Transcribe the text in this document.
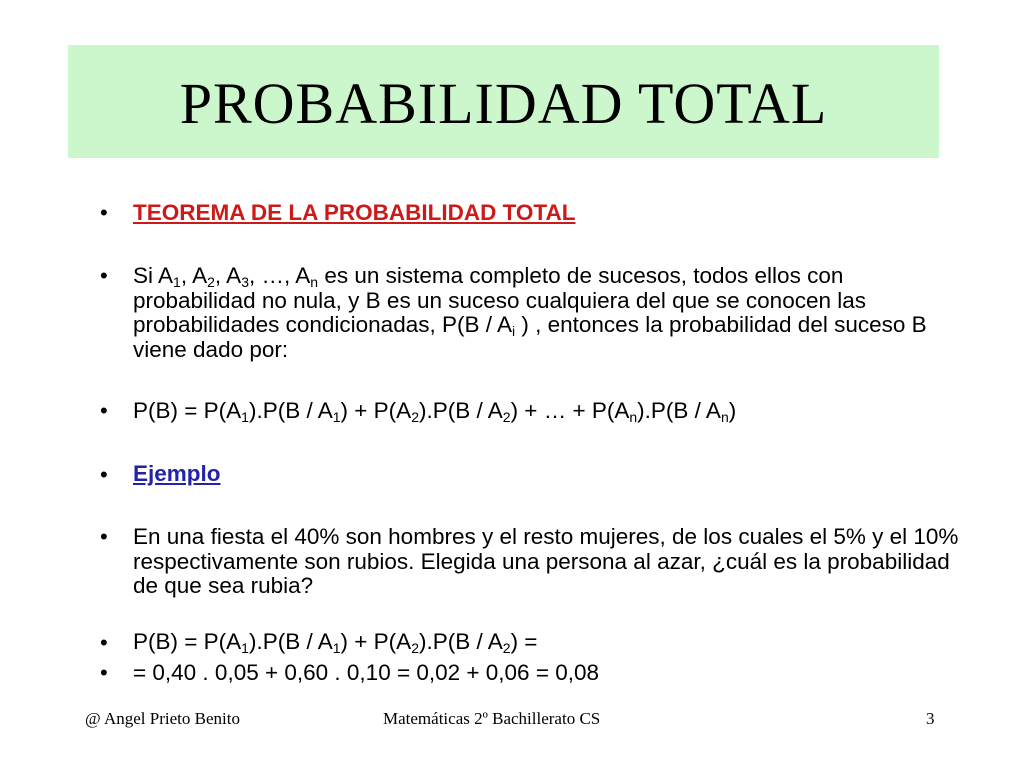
PROBABILIDAD TOTAL
• TEOREMA DE LA PROBABILIDAD TOTAL
• Si $A_1$, $A_2$, $A_3$, …, $A_n$ es un sistema completo de sucesos, todos ellos con probabilidad no nula, y B es un suceso cualquiera del que se conocen las probabilidades condicionadas, $P(B / A_i$ ) , entonces la probabilidad del suceso B viene dado por:
• $P(B) = P(A_1).P(B / A_1) + P(A_2).P(B / A_2)$ + … + $P(A_n).P(B / A_n)$
• Ejemplo
• En una fiesta el 40% son hombres y el resto mujeres, de los cuales el 5% y el 10% respectivamente son rubios. Elegida una persona al azar, ¿cuál es la probabilidad de que sea rubia?
• $P(B) = P(A_1).P(B / A_1) + P(A_2).P(B / A_2)$ =
• = 0,40 . 0,05 + 0,60 . 0,10 = 0,02 + 0,06 = 0,08
@ Angel Prieto Benito	Matemáticas 2º Bachillerato CS	3
